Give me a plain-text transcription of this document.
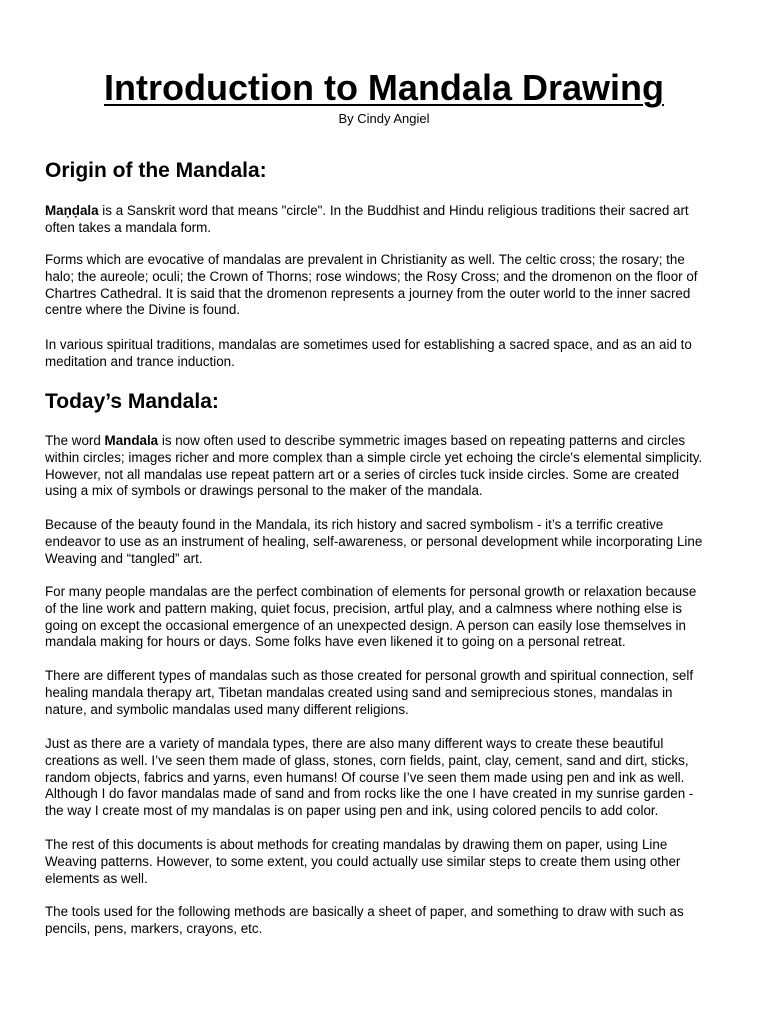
Introduction to Mandala Drawing
By Cindy Angiel
Origin of the Mandala:

Maṇḍala is a Sanskrit word that means "circle". In the Buddhist and Hindu religious traditions their sacred art
often takes a mandala form.

Forms which are evocative of mandalas are prevalent in Christianity as well. The celtic cross; the rosary; the
halo; the aureole; oculi; the Crown of Thorns; rose windows; the Rosy Cross; and the dromenon on the floor of
Chartres Cathedral. It is said that the dromenon represents a journey from the outer world to the inner sacred
centre where the Divine is found.

In various spiritual traditions, mandalas are sometimes used for establishing a sacred space, and as an aid to
meditation and trance induction.

Today’s Mandala:

The word Mandala is now often used to describe symmetric images based on repeating patterns and circles
within circles; images richer and more complex than a simple circle yet echoing the circle's elemental simplicity.
However, not all mandalas use repeat pattern art or a series of circles tuck inside circles. Some are created
using a mix of symbols or drawings personal to the maker of the mandala.

Because of the beauty found in the Mandala, its rich history and sacred symbolism - it’s a terrific creative
endeavor to use as an instrument of healing, self-awareness, or personal development while incorporating Line
Weaving and “tangled” art.

For many people mandalas are the perfect combination of elements for personal growth or relaxation because
of the line work and pattern making, quiet focus, precision, artful play, and a calmness where nothing else is
going on except the occasional emergence of an unexpected design. A person can easily lose themselves in
mandala making for hours or days. Some folks have even likened it to going on a personal retreat.

There are different types of mandalas such as those created for personal growth and spiritual connection, self
healing mandala therapy art, Tibetan mandalas created using sand and semiprecious stones, mandalas in
nature, and symbolic mandalas used many different religions.

Just as there are a variety of mandala types, there are also many different ways to create these beautiful
creations as well. I’ve seen them made of glass, stones, corn fields, paint, clay, cement, sand and dirt, sticks,
random objects, fabrics and yarns, even humans! Of course I’ve seen them made using pen and ink as well.
Although I do favor mandalas made of sand and from rocks like the one I have created in my sunrise garden -
the way I create most of my mandalas is on paper using pen and ink, using colored pencils to add color.

The rest of this documents is about methods for creating mandalas by drawing them on paper, using Line
Weaving patterns. However, to some extent, you could actually use similar steps to create them using other
elements as well.

The tools used for the following methods are basically a sheet of paper, and something to draw with such as
pencils, pens, markers, crayons, etc.
